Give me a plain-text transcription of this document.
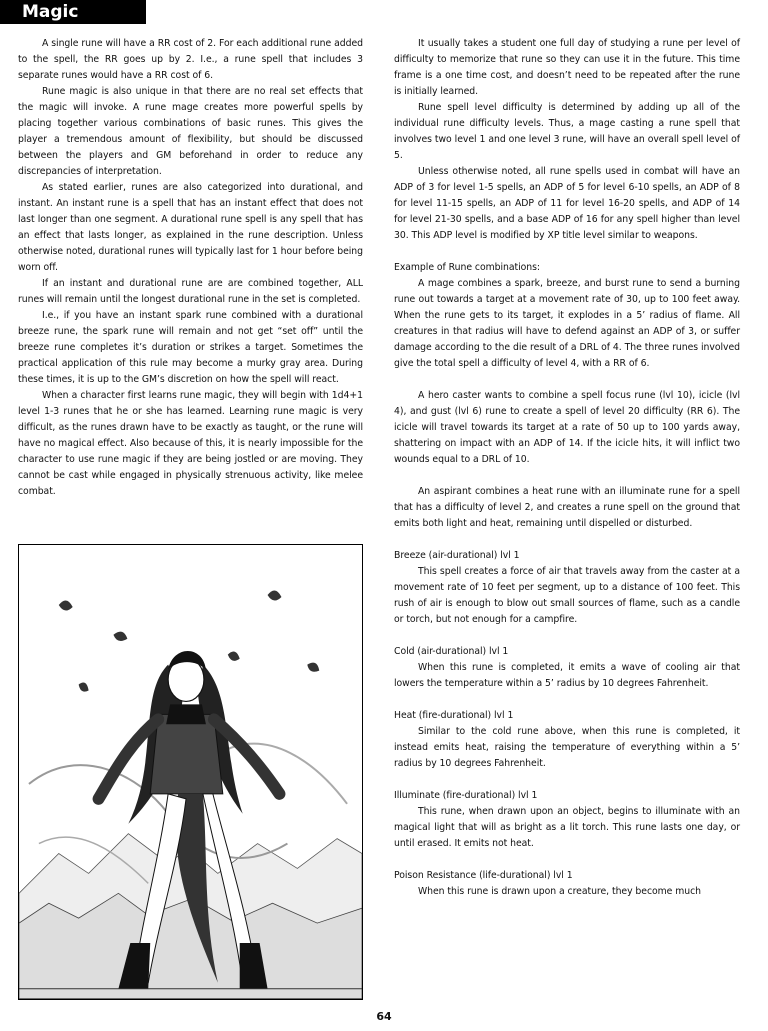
Magic

A single rune will have a RR cost of 2. For each additional rune added to the spell, the RR goes up by 2. I.e., a rune spell that includes 3 separate runes would have a RR cost of 6.

Rune magic is also unique in that there are no real set effects that the magic will invoke. A rune mage creates more powerful spells by placing together various combinations of basic runes. This gives the player a tremendous amount of flexibility, but should be discussed between the players and GM beforehand in order to reduce any discrepancies of interpretation.

As stated earlier, runes are also categorized into durational, and instant. An instant rune is a spell that has an instant effect that does not last longer than one segment. A durational rune spell is any spell that has an effect that lasts longer, as explained in the rune description. Unless otherwise noted, durational runes will typically last for 1 hour before being worn off.

If an instant and durational rune are are combined together, ALL runes will remain until the longest durational rune in the set is completed.

I.e., if you have an instant spark rune combined with a durational breeze rune, the spark rune will remain and not get “set off” until the breeze rune completes it’s duration or strikes a target. Sometimes the practical application of this rule may become a murky gray area. During these times, it is up to the GM’s discretion on how the spell will react.

When a character first learns rune magic, they will begin with 1d4+1 level 1-3 runes that he or she has learned. Learning rune magic is very difficult, as the runes drawn have to be exactly as taught, or the rune will have no magical effect. Also because of this, it is nearly impossible for the character to use rune magic if they are being jostled or are moving. They cannot be cast while engaged in physically strenuous activity, like melee combat.

It usually takes a student one full day of studying a rune per level of difficulty to memorize that rune so they can use it in the future. This time frame is a one time cost, and doesn’t need to be repeated after the rune is initially learned.

Rune spell level difficulty is determined by adding up all of the individual rune difficulty levels. Thus, a mage casting a rune spell that involves two level 1 and one level 3 rune, will have an overall spell level of 5.

Unless otherwise noted, all rune spells used in combat will have an ADP of 3 for level 1-5 spells, an ADP of 5 for level 6-10 spells, an ADP of 8 for level 11-15 spells, an ADP of 11 for level 16-20 spells, and ADP of 14 for level 21-30 spells, and a base ADP of 16 for any spell higher than level 30. This ADP level is modified by XP title level similar to weapons.

Example of Rune combinations:

A mage combines a spark, breeze, and burst rune to send a burning rune out towards a target at a movement rate of 30, up to 100 feet away. When the rune gets to its target, it explodes in a 5’ radius of flame. All creatures in that radius will have to defend against an ADP of 3, or suffer damage according to the die result of a DRL of 4. The three runes involved give the total spell a difficulty of level 4, with a RR of 6.

A hero caster wants to combine a spell focus rune (lvl 10), icicle (lvl 4), and gust (lvl 6) rune to create a spell of level 20 difficulty (RR 6). The icicle will travel towards its target at a rate of 50 up to 100 yards away, shattering on impact with an ADP of 14. If the icicle hits, it will inflict two wounds equal to a DRL of 10.

An aspirant combines a heat rune with an illuminate rune for a spell that has a difficulty of level 2, and creates a rune spell on the ground that emits both light and heat, remaining until dispelled or disturbed.

Breeze (air-durational) lvl 1

This spell creates a force of air that travels away from the caster at a movement rate of 10 feet per segment, up to a distance of 100 feet. This rush of air is enough to blow out small sources of flame, such as a candle or torch, but not enough for a campfire.

Cold (air-durational) lvl 1

When this rune is completed, it emits a wave of cooling air that lowers the temperature within a 5’ radius by 10 degrees Fahrenheit.

Heat (fire-durational) lvl 1

Similar to the cold rune above, when this rune is completed, it instead emits heat, raising the temperature of everything within a 5’ radius by 10 degrees Fahrenheit.

Illuminate (fire-durational) lvl 1

This rune, when drawn upon an object, begins to illuminate with an magical light that will as bright as a lit torch. This rune lasts one day, or until erased. It emits not heat.

Poison Resistance (life-durational) lvl 1

When this rune is drawn upon a creature, they become much

64
